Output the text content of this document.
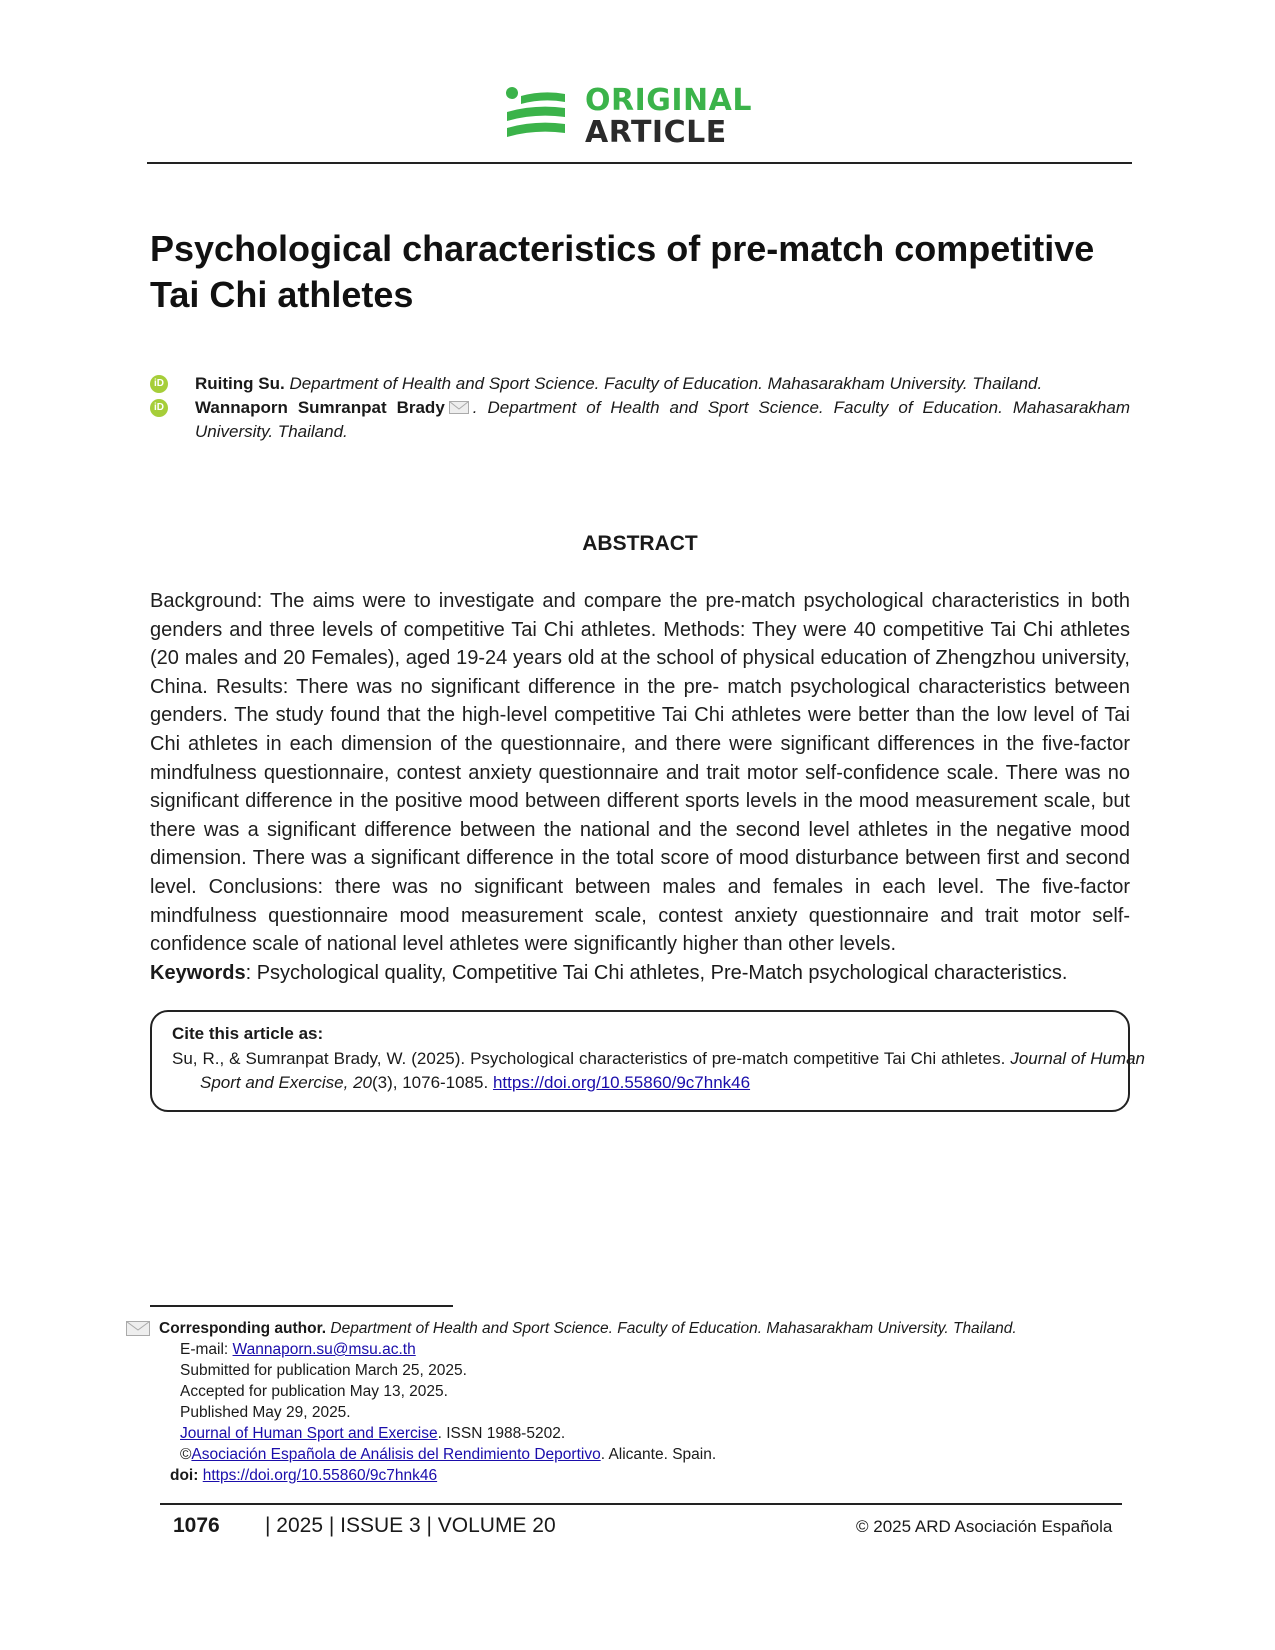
ORIGINAL
ARTICLE
Psychological characteristics of pre-match competitive Tai Chi athletes
iD Ruiting Su. Department of Health and Sport Science. Faculty of Education. Mahasarakham University. Thailand.
iD Wannaporn Sumranpat Brady . Department of Health and Sport Science. Faculty of Education. Mahasarakham University. Thailand.
ABSTRACT
Background: The aims were to investigate and compare the pre-match psychological characteristics in both genders and three levels of competitive Tai Chi athletes. Methods: They were 40 competitive Tai Chi athletes (20 males and 20 Females), aged 19-24 years old at the school of physical education of Zhengzhou university, China. Results: There was no significant difference in the pre- match psychological characteristics between genders. The study found that the high-level competitive Tai Chi athletes were better than the low level of Tai Chi athletes in each dimension of the questionnaire, and there were significant differences in the five-factor mindfulness questionnaire, contest anxiety questionnaire and trait motor self-confidence scale. There was no significant difference in the positive mood between different sports levels in the mood measurement scale, but there was a significant difference between the national and the second level athletes in the negative mood dimension. There was a significant difference in the total score of mood disturbance between first and second level. Conclusions: there was no significant between males and females in each level. The five-factor mindfulness questionnaire mood measurement scale, contest anxiety questionnaire and trait motor self-confidence scale of national level athletes were significantly higher than other levels.
Keywords: Psychological quality, Competitive Tai Chi athletes, Pre-Match psychological characteristics.
Cite this article as:
Su, R., & Sumranpat Brady, W. (2025). Psychological characteristics of pre-match competitive Tai Chi athletes. Journal of Human Sport and Exercise, 20(3), 1076-1085. https://doi.org/10.55860/9c7hnk46
Corresponding author. Department of Health and Sport Science. Faculty of Education. Mahasarakham University. Thailand.
E-mail: Wannaporn.su@msu.ac.th
Submitted for publication March 25, 2025.
Accepted for publication May 13, 2025.
Published May 29, 2025.
Journal of Human Sport and Exercise. ISSN 1988-5202.
©Asociación Española de Análisis del Rendimiento Deportivo. Alicante. Spain.
doi: https://doi.org/10.55860/9c7hnk46
1076 | 2025 | ISSUE 3 | VOLUME 20	© 2025 ARD Asociación Española
